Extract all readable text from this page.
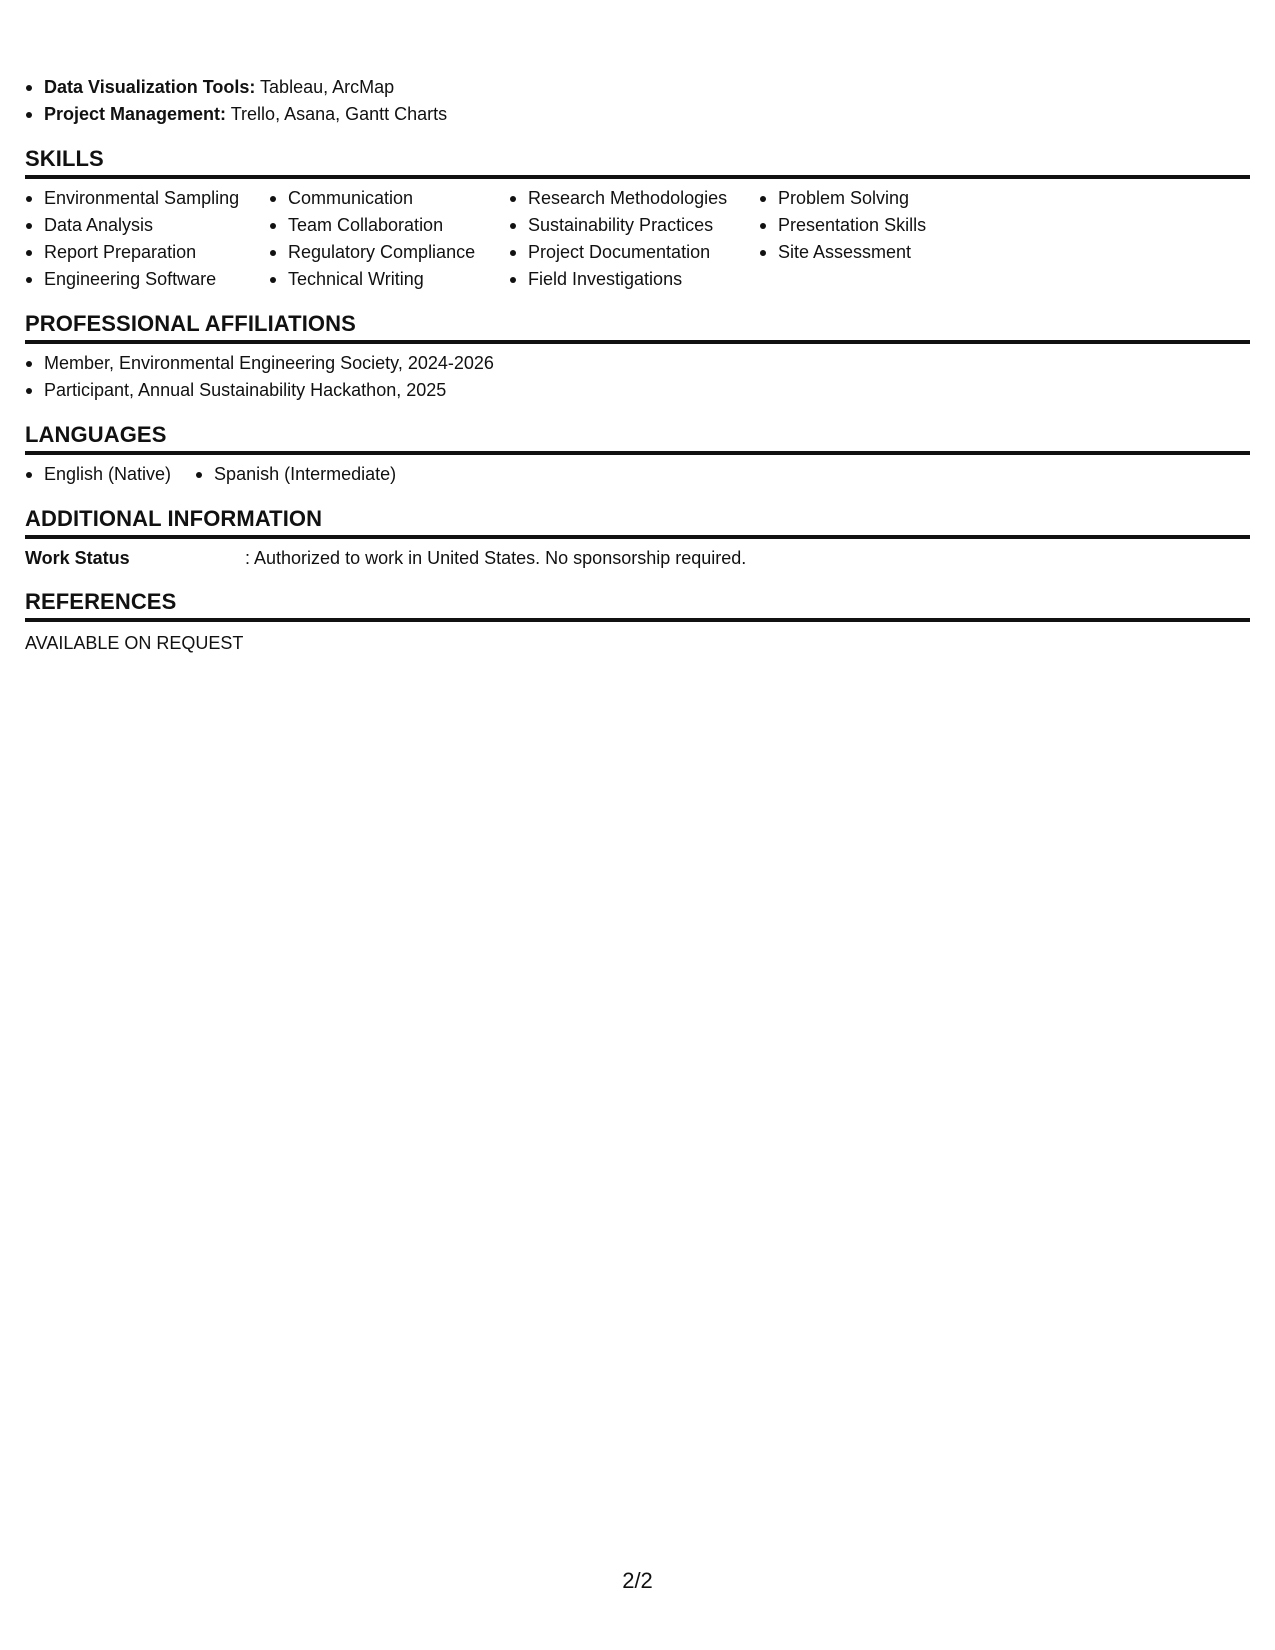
Data Visualization Tools: Tableau, ArcMap
Project Management: Trello, Asana, Gantt Charts
SKILLS
Environmental Sampling
Data Analysis
Report Preparation
Engineering Software
Communication
Team Collaboration
Regulatory Compliance
Technical Writing
Research Methodologies
Sustainability Practices
Project Documentation
Field Investigations
Problem Solving
Presentation Skills
Site Assessment
PROFESSIONAL AFFILIATIONS
Member, Environmental Engineering Society, 2024-2026
Participant, Annual Sustainability Hackathon, 2025
LANGUAGES
English (Native)	Spanish (Intermediate)
ADDITIONAL INFORMATION
Work Status	: Authorized to work in United States. No sponsorship required.
REFERENCES
AVAILABLE ON REQUEST
2/2
